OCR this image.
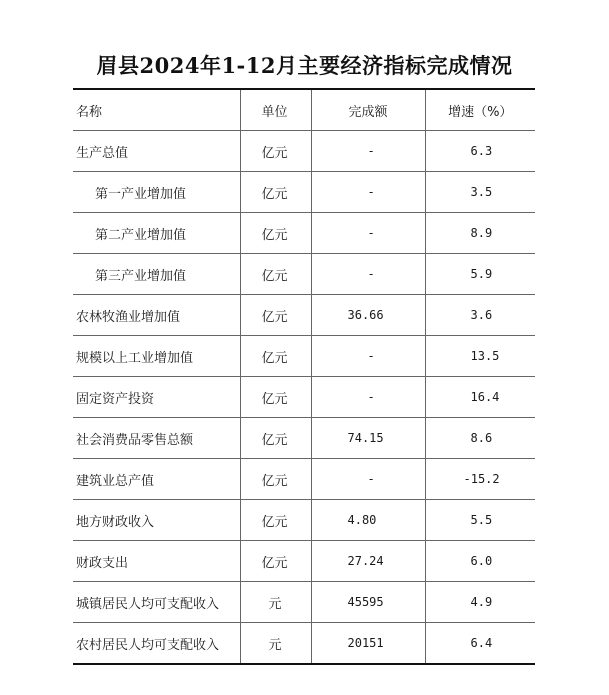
眉县2024年1-12月主要经济指标完成情况
名称	单位	完成额	增速（%）
生产总值	亿元	-	6.3
第一产业增加值	亿元	-	3.5
第二产业增加值	亿元	-	8.9
第三产业增加值	亿元	-	5.9
农林牧渔业增加值	亿元	36.66	3.6
规模以上工业增加值	亿元	-	13.5
固定资产投资	亿元	-	16.4
社会消费品零售总额	亿元	74.15	8.6
建筑业总产值	亿元	-	-15.2
地方财政收入	亿元	4.80	5.5
财政支出	亿元	27.24	6.0
城镇居民人均可支配收入	元	45595	4.9
农村居民人均可支配收入	元	20151	6.4
